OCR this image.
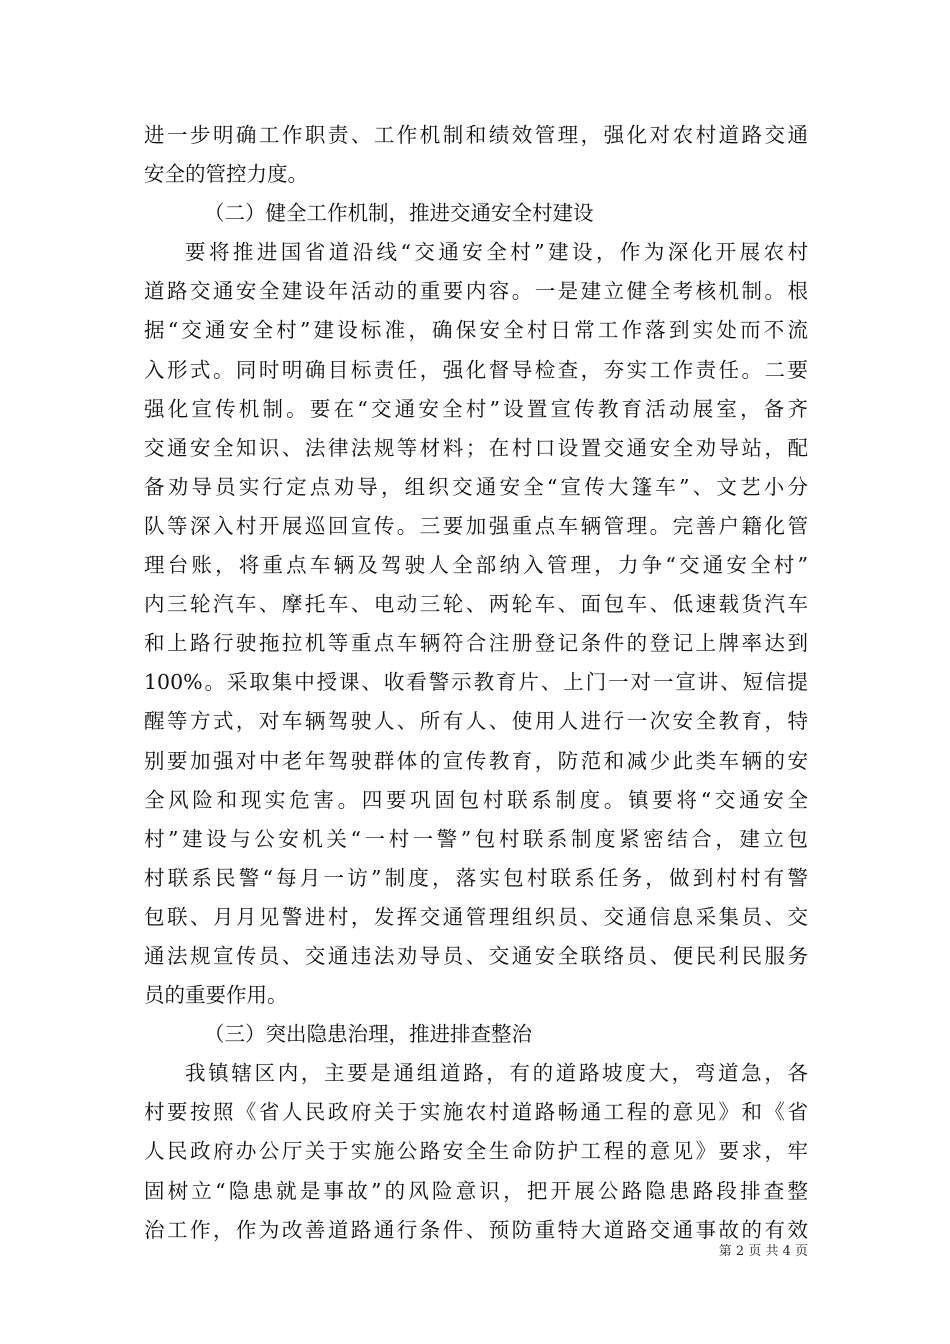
进一步明确工作职责、工作机制和绩效管理，强化对农村道路交通
安全的管控力度。
（二）健全工作机制，推进交通安全村建设
要将推进国省道沿线“交通安全村”建设，作为深化开展农村
道路交通安全建设年活动的重要内容。一是建立健全考核机制。根
据“交通安全村”建设标准，确保安全村日常工作落到实处而不流
入形式。同时明确目标责任，强化督导检查，夯实工作责任。二要
强化宣传机制。要在“交通安全村”设置宣传教育活动展室，备齐
交通安全知识、法律法规等材料；在村口设置交通安全劝导站，配
备劝导员实行定点劝导，组织交通安全“宣传大篷车”、文艺小分
队等深入村开展巡回宣传。三要加强重点车辆管理。完善户籍化管
理台账，将重点车辆及驾驶人全部纳入管理，力争“交通安全村”
内三轮汽车、摩托车、电动三轮、两轮车、面包车、低速载货汽车
和上路行驶拖拉机等重点车辆符合注册登记条件的登记上牌率达到
100%。采取集中授课、收看警示教育片、上门一对一宣讲、短信提
醒等方式，对车辆驾驶人、所有人、使用人进行一次安全教育，特
别要加强对中老年驾驶群体的宣传教育，防范和减少此类车辆的安
全风险和现实危害。四要巩固包村联系制度。镇要将“交通安全
村”建设与公安机关“一村一警”包村联系制度紧密结合，建立包
村联系民警“每月一访”制度，落实包村联系任务，做到村村有警
包联、月月见警进村，发挥交通管理组织员、交通信息采集员、交
通法规宣传员、交通违法劝导员、交通安全联络员、便民利民服务
员的重要作用。
（三）突出隐患治理，推进排查整治
我镇辖区内，主要是通组道路，有的道路坡度大，弯道急，各
村要按照《省人民政府关于实施农村道路畅通工程的意见》和《省
人民政府办公厅关于实施公路安全生命防护工程的意见》要求，牢
固树立“隐患就是事故”的风险意识，把开展公路隐患路段排查整
治工作，作为改善道路通行条件、预防重特大道路交通事故的有效
第 2 页 共 4 页
